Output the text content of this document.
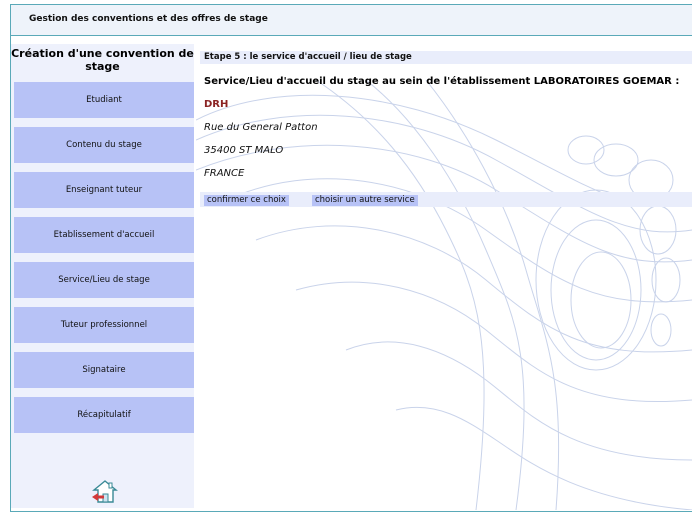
Gestion des conventions et des offres de stage
Création d'une convention de stage
Etudiant
Contenu du stage
Enseignant tuteur
Etablissement d'accueil
Service/Lieu de stage
Tuteur professionnel
Signataire
Récapitulatif
Etape 5 : le service d'accueil / lieu de stage
Service/Lieu d'accueil du stage au sein de l'établissement LABORATOIRES GOEMAR :
DRH
Rue du General Patton
35400 ST MALO
FRANCE
confirmer ce choix	choisir un autre service
